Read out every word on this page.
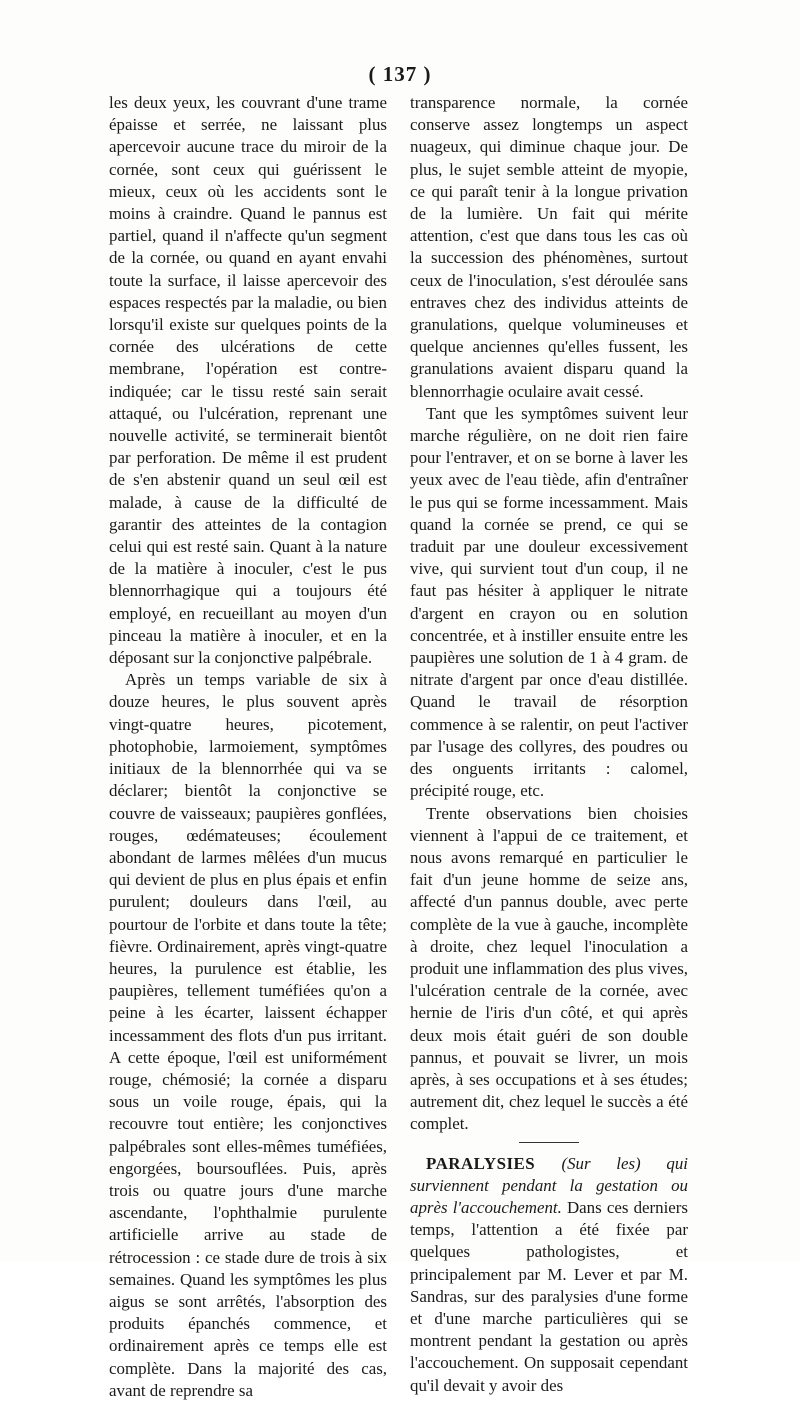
( 137 )

les deux yeux, les couvrant d'une trame épaisse et serrée, ne laissant plus apercevoir aucune trace du miroir de la cornée, sont ceux qui guérissent le mieux, ceux où les accidents sont le moins à craindre. Quand le pannus est partiel, quand il n'affecte qu'un segment de la cornée, ou quand en ayant envahi toute la surface, il laisse apercevoir des espaces respectés par la maladie, ou bien lorsqu'il existe sur quelques points de la cornée des ulcérations de cette membrane, l'opération est contre-indiquée; car le tissu resté sain serait attaqué, ou l'ulcération, reprenant une nouvelle activité, se terminerait bientôt par perforation. De même il est prudent de s'en abstenir quand un seul œil est malade, à cause de la difficulté de garantir des atteintes de la contagion celui qui est resté sain. Quant à la nature de la matière à inoculer, c'est le pus blennorrhagique qui a toujours été employé, en recueillant au moyen d'un pinceau la matière à inoculer, et en la déposant sur la conjonctive palpébrale.

Après un temps variable de six à douze heures, le plus souvent après vingt-quatre heures, picotement, photophobie, larmoiement, symptômes initiaux de la blennorrhée qui va se déclarer; bientôt la conjonctive se couvre de vaisseaux; paupières gonflées, rouges, œdémateuses; écoulement abondant de larmes mêlées d'un mucus qui devient de plus en plus épais et enfin purulent; douleurs dans l'œil, au pourtour de l'orbite et dans toute la tête; fièvre. Ordinairement, après vingt-quatre heures, la purulence est établie, les paupières, tellement tuméfiées qu'on a peine à les écarter, laissent échapper incessamment des flots d'un pus irritant. A cette époque, l'œil est uniformément rouge, chémosié; la cornée a disparu sous un voile rouge, épais, qui la recouvre tout entière; les conjonctives palpébrales sont elles-mêmes tuméfiées, engorgées, boursouflées. Puis, après trois ou quatre jours d'une marche ascendante, l'ophthalmie purulente artificielle arrive au stade de rétrocession : ce stade dure de trois à six semaines. Quand les symptômes les plus aigus se sont arrêtés, l'absorption des produits épanchés commence, et ordinairement après ce temps elle est complète. Dans la majorité des cas, avant de reprendre sa

transparence normale, la cornée conserve assez longtemps un aspect nuageux, qui diminue chaque jour. De plus, le sujet semble atteint de myopie, ce qui paraît tenir à la longue privation de la lumière. Un fait qui mérite attention, c'est que dans tous les cas où la succession des phénomènes, surtout ceux de l'inoculation, s'est déroulée sans entraves chez des individus atteints de granulations, quelque volumineuses et quelque anciennes qu'elles fussent, les granulations avaient disparu quand la blennorrhagie oculaire avait cessé.

Tant que les symptômes suivent leur marche régulière, on ne doit rien faire pour l'entraver, et on se borne à laver les yeux avec de l'eau tiède, afin d'entraîner le pus qui se forme incessamment. Mais quand la cornée se prend, ce qui se traduit par une douleur excessivement vive, qui survient tout d'un coup, il ne faut pas hésiter à appliquer le nitrate d'argent en crayon ou en solution concentrée, et à instiller ensuite entre les paupières une solution de 1 à 4 gram. de nitrate d'argent par once d'eau distillée. Quand le travail de résorption commence à se ralentir, on peut l'activer par l'usage des collyres, des poudres ou des onguents irritants : calomel, précipité rouge, etc.

Trente observations bien choisies viennent à l'appui de ce traitement, et nous avons remarqué en particulier le fait d'un jeune homme de seize ans, affecté d'un pannus double, avec perte complète de la vue à gauche, incomplète à droite, chez lequel l'inoculation a produit une inflammation des plus vives, l'ulcération centrale de la cornée, avec hernie de l'iris d'un côté, et qui après deux mois était guéri de son double pannus, et pouvait se livrer, un mois après, à ses occupations et à ses études; autrement dit, chez lequel le succès a été complet.

PARALYSIES (Sur les) qui surviennent pendant la gestation ou après l'accouchement. Dans ces derniers temps, l'attention a été fixée par quelques pathologistes, et principalement par M. Lever et par M. Sandras, sur des paralysies d'une forme et d'une marche particulières qui se montrent pendant la gestation ou après l'accouchement. On supposait cependant qu'il devait y avoir des
